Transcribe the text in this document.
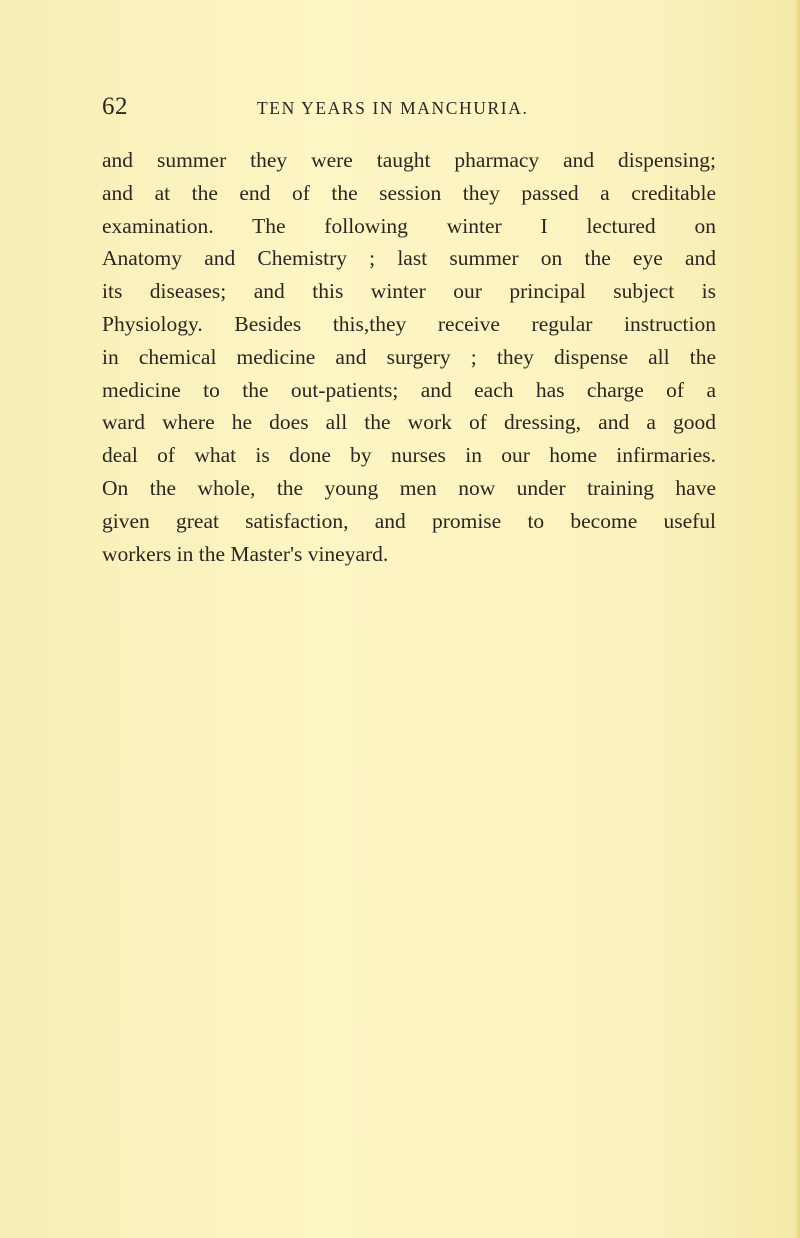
62	TEN YEARS IN MANCHURIA.
and summer they were taught pharmacy and dispensing;
and at the end of the session they passed a creditable
examination. The following winter I lectured on
Anatomy and Chemistry ; last summer on the eye and
its diseases; and this winter our principal subject is
Physiology. Besides this,they receive regular instruction
in chemical medicine and surgery ; they dispense all the
medicine to the out-patients; and each has charge of a
ward where he does all the work of dressing, and a good
deal of what is done by nurses in our home infirmaries.
On the whole, the young men now under training have
given great satisfaction, and promise to become useful
workers in the Master's vineyard.
